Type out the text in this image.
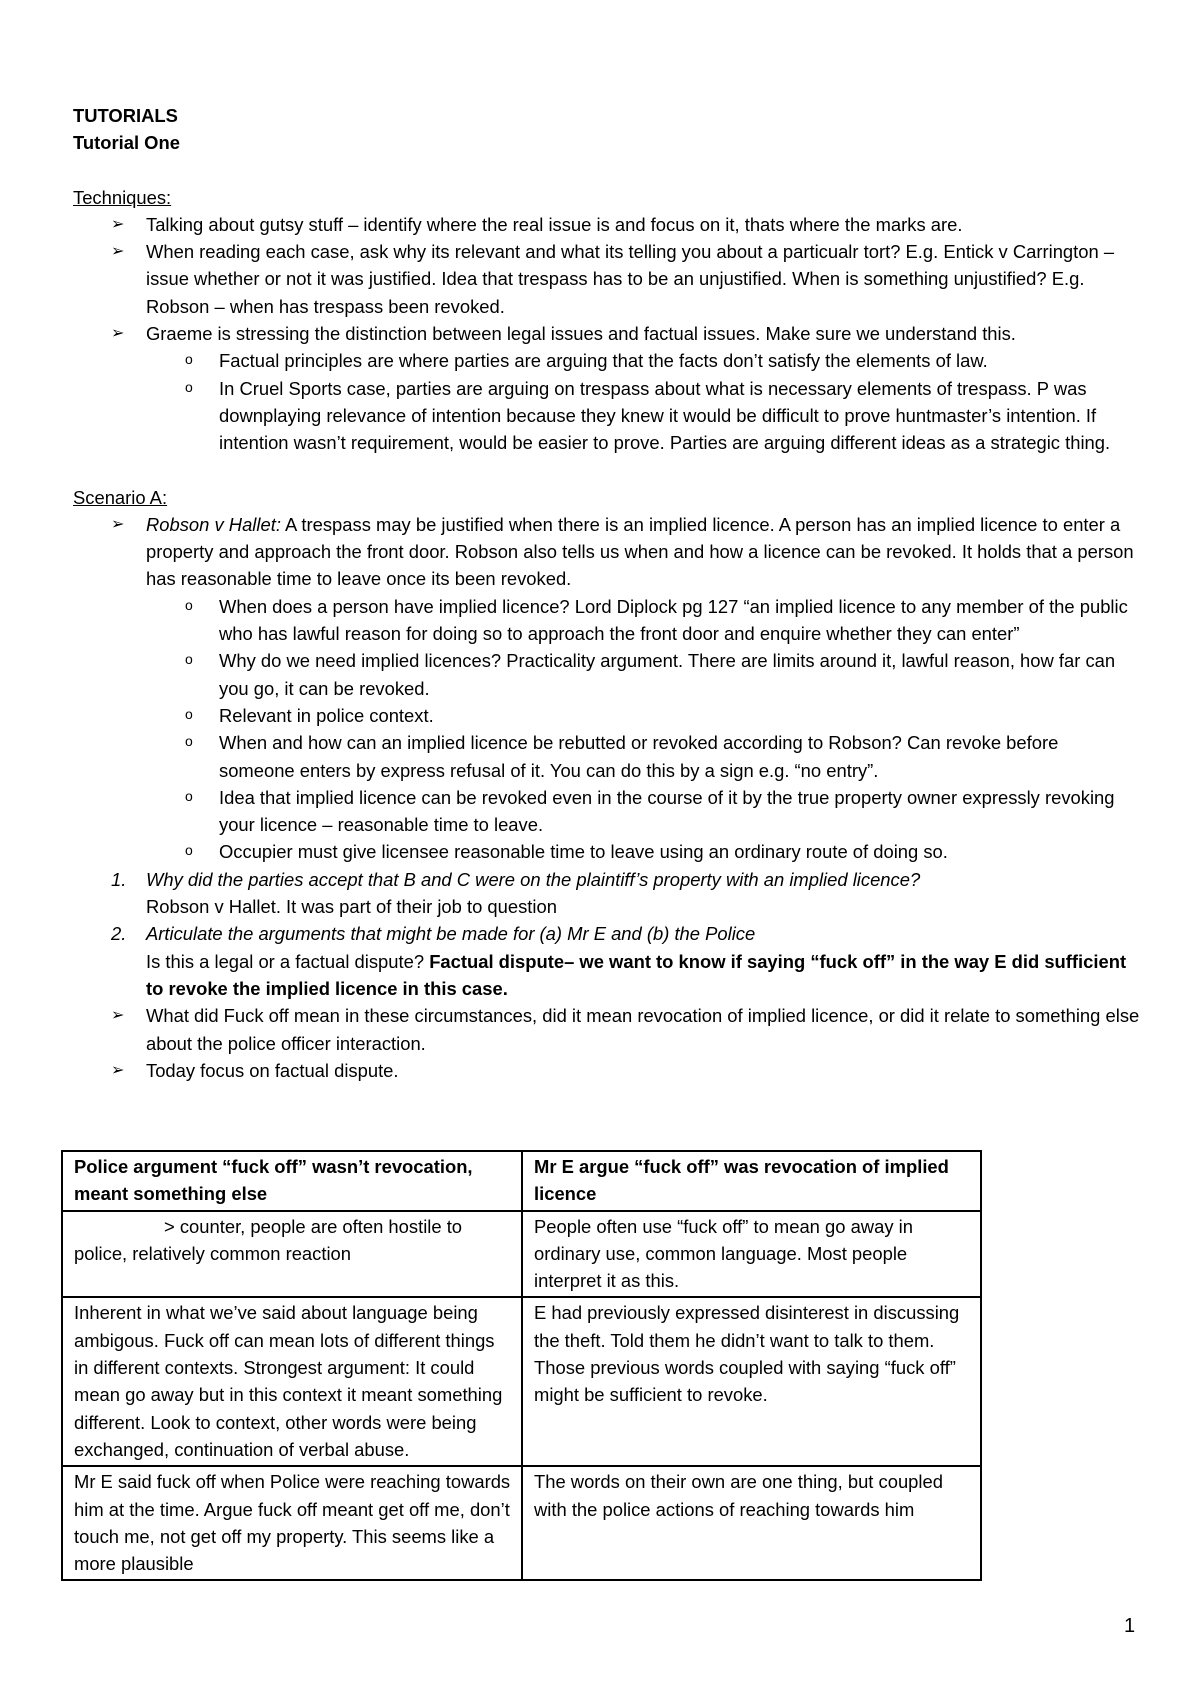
TUTORIALS

Tutorial One

Techniques:

➢ Talking about gutsy stuff – identify where the real issue is and focus on it, thats where the marks are.
➢ When reading each case, ask why its relevant and what its telling you about a particualr tort? E.g. Entick v Carrington – issue whether or not it was justified. Idea that trespass has to be an unjustified. When is something unjustified? E.g. Robson – when has trespass been revoked.
➢ Graeme is stressing the distinction between legal issues and factual issues. Make sure we understand this.
o Factual principles are where parties are arguing that the facts don’t satisfy the elements of law.
o In Cruel Sports case, parties are arguing on trespass about what is necessary elements of trespass. P was downplaying relevance of intention because they knew it would be difficult to prove huntmaster’s intention. If intention wasn’t requirement, would be easier to prove. Parties are arguing different ideas as a strategic thing.

Scenario A:

➢ Robson v Hallet: A trespass may be justified when there is an implied licence. A person has an implied licence to enter a property and approach the front door. Robson also tells us when and how a licence can be revoked. It holds that a person has reasonable time to leave once its been revoked.
o When does a person have implied licence? Lord Diplock pg 127 “an implied licence to any member of the public who has lawful reason for doing so to approach the front door and enquire whether they can enter”
o Why do we need implied licences? Practicality argument. There are limits around it, lawful reason, how far can you go, it can be revoked.
o Relevant in police context.
o When and how can an implied licence be rebutted or revoked according to Robson? Can revoke before someone enters by express refusal of it. You can do this by a sign e.g. “no entry”.
o Idea that implied licence can be revoked even in the course of it by the true property owner expressly revoking your licence – reasonable time to leave.
o Occupier must give licensee reasonable time to leave using an ordinary route of doing so.
1. Why did the parties accept that B and C were on the plaintiff’s property with an implied licence?

Robson v Hallet. It was part of their job to question

2. Articulate the arguments that might be made for (a) Mr E and (b) the Police

Is this a legal or a factual dispute? Factual dispute– we want to know if saying “fuck off” in the way E did sufficient to revoke the implied licence in this case.

➢ What did Fuck off mean in these circumstances, did it mean revocation of implied licence, or did it relate to something else about the police officer interaction.
➢ Today focus on factual dispute.
Police argument “fuck off” wasn’t revocation, meant something else	Mr E argue “fuck off” was revocation of implied licence
> counter, people are often hostile to police, relatively common reaction	People often use “fuck off” to mean go away in ordinary use, common language. Most people interpret it as this.
Inherent in what we’ve said about language being ambigous. Fuck off can mean lots of different things in different contexts. Strongest argument: It could mean go away but in this context it meant something different. Look to context, other words were being exchanged, continuation of verbal abuse.	E had previously expressed disinterest in discussing the theft. Told them he didn’t want to talk to them. Those previous words coupled with saying “fuck off” might be sufficient to revoke.
Mr E said fuck off when Police were reaching towards him at the time. Argue fuck off meant get off me, don’t touch me, not get off my property. This seems like a more plausible	The words on their own are one thing, but coupled with the police actions of reaching towards him
1
